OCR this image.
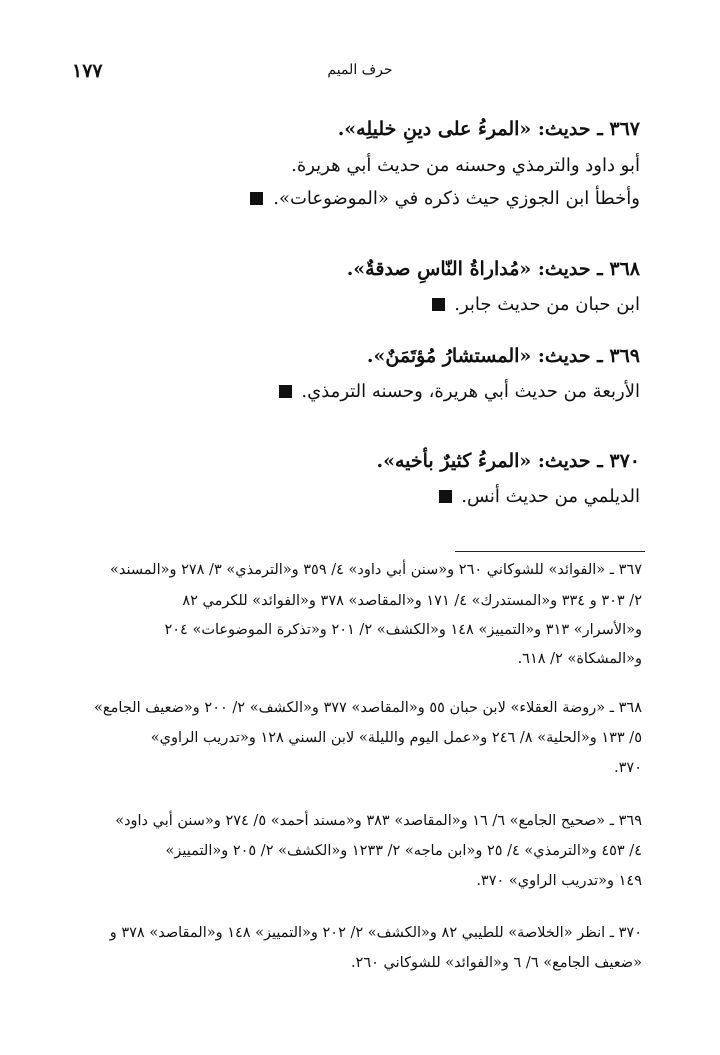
١٧٧	حرف الميم
٣٦٧ ـ حديث: «المرءُ على دينِ خليلِه».
أبو داود والترمذي وحسنه من حديث أبي هريرة.
وأخطأ ابن الجوزي حيث ذكره في «الموضوعات».
٣٦٨ ـ حديث: «مُداراةُ النّاسِ صدقةٌ».
ابن حبان من حديث جابر.
٣٦٩ ـ حديث: «المستشارُ مُؤتَمَنٌ».
الأربعة من حديث أبي هريرة، وحسنه الترمذي.
٣٧٠ ـ حديث: «المرءُ كثيرٌ بأخيه».
الديلمي من حديث أنس.
٣٦٧ ـ «الفوائد» للشوكاني ٢٦٠ و«سنن أبي داود» ٤/ ٣٥٩ و«الترمذي» ٣/ ٢٧٨ و«المسند»
٢/ ٣٠٣ و ٣٣٤ و«المستدرك» ٤/ ١٧١ و«المقاصد» ٣٧٨ و«الفوائد» للكرمي ٨٢
و«الأسرار» ٣١٣ و«التمييز» ١٤٨ و«الكشف» ٢/ ٢٠١ و«تذكرة الموضوعات» ٢٠٤
و«المشكاة» ٢/ ٦١٨.
٣٦٨ ـ «روضة العقلاء» لابن حبان ٥٥ و«المقاصد» ٣٧٧ و«الكشف» ٢/ ٢٠٠ و«ضعيف الجامع»
٥/ ١٣٣ و«الحلية» ٨/ ٢٤٦ و«عمل اليوم والليلة» لابن السني ١٢٨ و«تدريب الراوي»
٣٧٠.
٣٦٩ ـ «صحيح الجامع» ٦/ ١٦ و«المقاصد» ٣٨٣ و«مسند أحمد» ٥/ ٢٧٤ و«سنن أبي داود»
٤/ ٤٥٣ و«الترمذي» ٤/ ٢٥ و«ابن ماجه» ٢/ ١٢٣٣ و«الكشف» ٢/ ٢٠٥ و«التمييز»
١٤٩ و«تدريب الراوي» ٣٧٠.
٣٧٠ ـ انظر «الخلاصة» للطيبي ٨٢ و«الكشف» ٢/ ٢٠٢ و«التمييز» ١٤٨ و«المقاصد» ٣٧٨ و
«ضعيف الجامع» ٦/ ٦ و«الفوائد» للشوكاني ٢٦٠.
